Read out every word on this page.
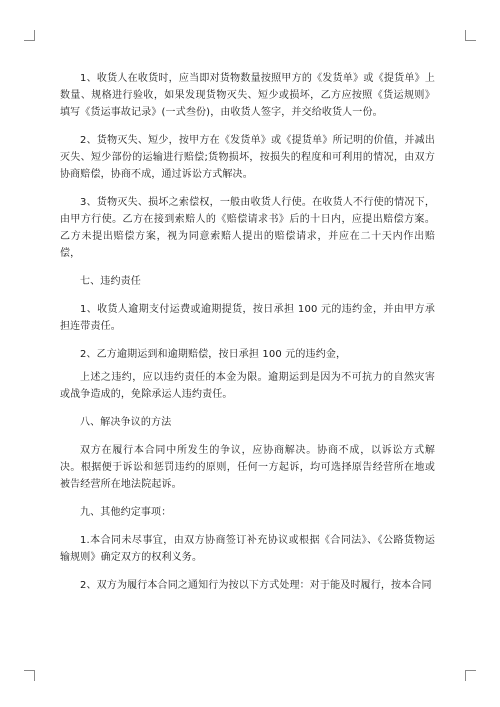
1、收货人在收货时，应当即对货物数量按照甲方的《发货单》或《提货单》上数量、规格进行验收，如果发现货物灭失、短少或损坏，乙方应按照《货运规则》填写《货运事故记录》(一式叁份)，由收货人签字，并交给收货人一份。

2、货物灭失、短少，按甲方在《发货单》或《提货单》所记明的价值，并减出灭失、短少部份的运输进行赔偿;货物损坏，按损失的程度和可利用的情况，由双方协商赔偿，协商不成，通过诉讼方式解决。

3、货物灭失、损坏之索偿权，一般由收货人行使。在收货人不行使的情况下，由甲方行使。乙方在接到索赔人的《赔偿请求书》后的十日内，应提出赔偿方案。乙方未提出赔偿方案，视为同意索赔人提出的赔偿请求，并应在二十天内作出赔偿，

七、违约责任

1、收货人逾期支付运费或逾期提货，按日承担 100 元的违约金，并由甲方承担连带责任。

2、乙方逾期运到和逾期赔偿，按日承担 100 元的违约金，

上述之违约，应以违约责任的本金为限。逾期运到是因为不可抗力的自然灾害或战争造成的，免除承运人违约责任。

八、解决争议的方法

双方在履行本合同中所发生的争议，应协商解决。协商不成，以诉讼方式解决。根据便于诉讼和惩罚违约的原则，任何一方起诉，均可选择原告经营所在地或被告经营所在地法院起诉。

九、其他约定事项：

1.本合同未尽事宜，由双方协商签订补充协议或根据《合同法》、《公路货物运输规则》确定双方的权利义务。

2、双方为履行本合同之通知行为按以下方式处理：对于能及时履行，按本合同
